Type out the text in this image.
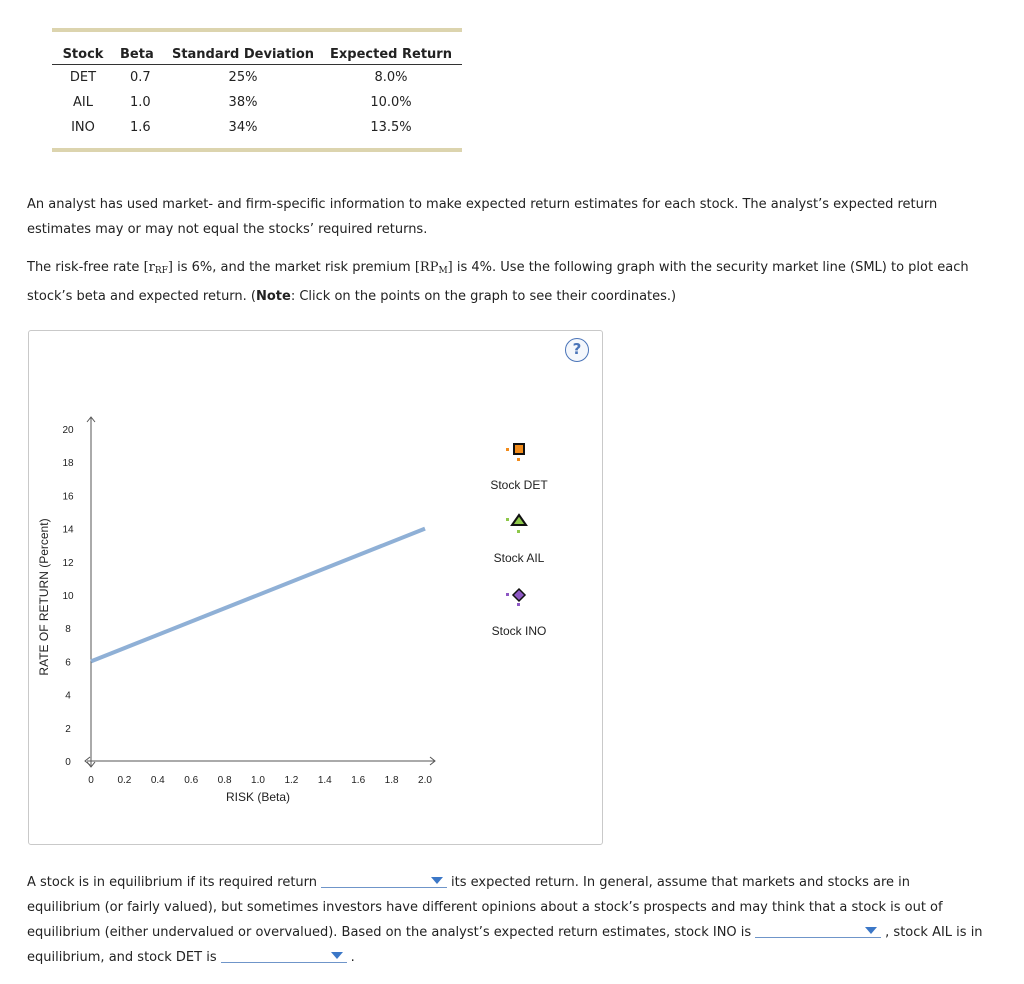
Stock	Beta	Standard Deviation	Expected Return
DET	0.7	25%	8.0%
AIL	1.0	38%	10.0%
INO	1.6	34%	13.5%
An analyst has used market- and firm-specific information to make expected return estimates for each stock. The analyst’s expected return estimates may or may not equal the stocks’ required returns.
The risk-free rate $[r_{RF}]$ is 6%, and the market risk premium $[RP_M]$ is 4%. Use the following graph with the security market line (SML) to plot each stock’s beta and expected return. (Note: Click on the points on the graph to see their coordinates.)
?
0
2
4
6
8
10
12
14
16
18
20
0 0.2 0.4 0.6 0.8 1.0 1.2 1.4 1.6 1.8 2.0
RISK (Beta)
RATE OF RETURN (Percent)
Stock DET
Stock AIL
Stock INO
A stock is in equilibrium if its required return	its expected return. In general, assume that markets and stocks are in equilibrium (or fairly valued), but sometimes investors have different opinions about a stock’s prospects and may think that a stock is out of equilibrium (either undervalued or overvalued). Based on the analyst’s expected return estimates, stock INO is	, stock AIL is in equilibrium, and stock DET is	.
